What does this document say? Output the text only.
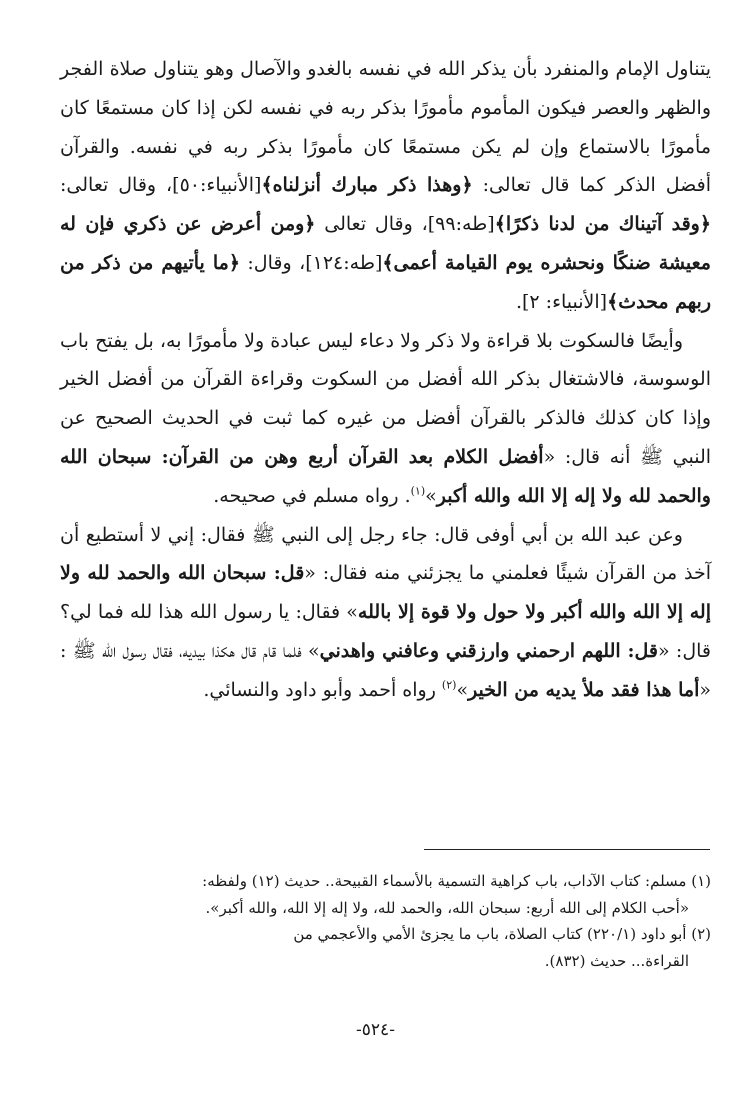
يتناول الإمام والمنفرد بأن يذكر الله في نفسه بالغدو والآصال وهو يتناول صلاة الفجر والظهر والعصر فيكون المأموم مأمورًا بذكر ربه في نفسه لكن إذا كان مستمعًا كان مأمورًا بالاستماع وإن لم يكن مستمعًا كان مأمورًا بذكر ربه في نفسه. والقرآن أفضل الذكر كما قال تعالى: ﴿وهذا ذكر مبارك أنزلناه﴾[الأنبياء:٥٠]، وقال تعالى: ﴿وقد آتيناك من لدنا ذكرًا﴾[طه:٩٩]، وقال تعالى ﴿ومن أعرض عن ذكري فإن له معيشة ضنكًا ونحشره يوم القيامة أعمى﴾[طه:١٢٤]، وقال: ﴿ما يأتيهم من ذكر من ربهم محدث﴾[الأنبياء: ٢].

وأيضًا فالسكوت بلا قراءة ولا ذكر ولا دعاء ليس عبادة ولا مأمورًا به، بل يفتح باب الوسوسة، فالاشتغال بذكر الله أفضل من السكوت وقراءة القرآن من أفضل الخير وإذا كان كذلك فالذكر بالقرآن أفضل من غيره كما ثبت في الحديث الصحيح عن النبي ﷺ أنه قال: «أفضل الكلام بعد القرآن أربع وهن من القرآن: سبحان الله والحمد لله ولا إله إلا الله والله أكبر»$^{(١)}$. رواه مسلم في صحيحه.

وعن عبد الله بن أبي أوفى قال: جاء رجل إلى النبي ﷺ فقال: إني لا أستطيع أن آخذ من القرآن شيئًا فعلمني ما يجزئني منه فقال: «قل: سبحان الله والحمد لله ولا إله إلا الله والله أكبر ولا حول ولا قوة إلا بالله» فقال: يا رسول الله هذا لله فما لي؟ قال: «قل: اللهم ارحمني وارزقني وعافني واهدني» فلما قام قال هكذا بيديه، فقال رسول الله ﷺ : «أما هذا فقد ملأ يديه من الخير»$^{(٢)}$ رواه أحمد وأبو داود والنسائي.

(١) مسلم: كتاب الآداب، باب كراهية التسمية بالأسماء القبيحة.. حديث (١٢) ولفظه:

«أحب الكلام إلى الله أربع: سبحان الله، والحمد لله، ولا إله إلا الله، والله أكبر».

(٢) أبو داود (٢٢٠/١) كتاب الصلاة، باب ما يجزئ الأمي والأعجمي من

القراءة... حديث (٨٣٢).

-٥٢٤-
